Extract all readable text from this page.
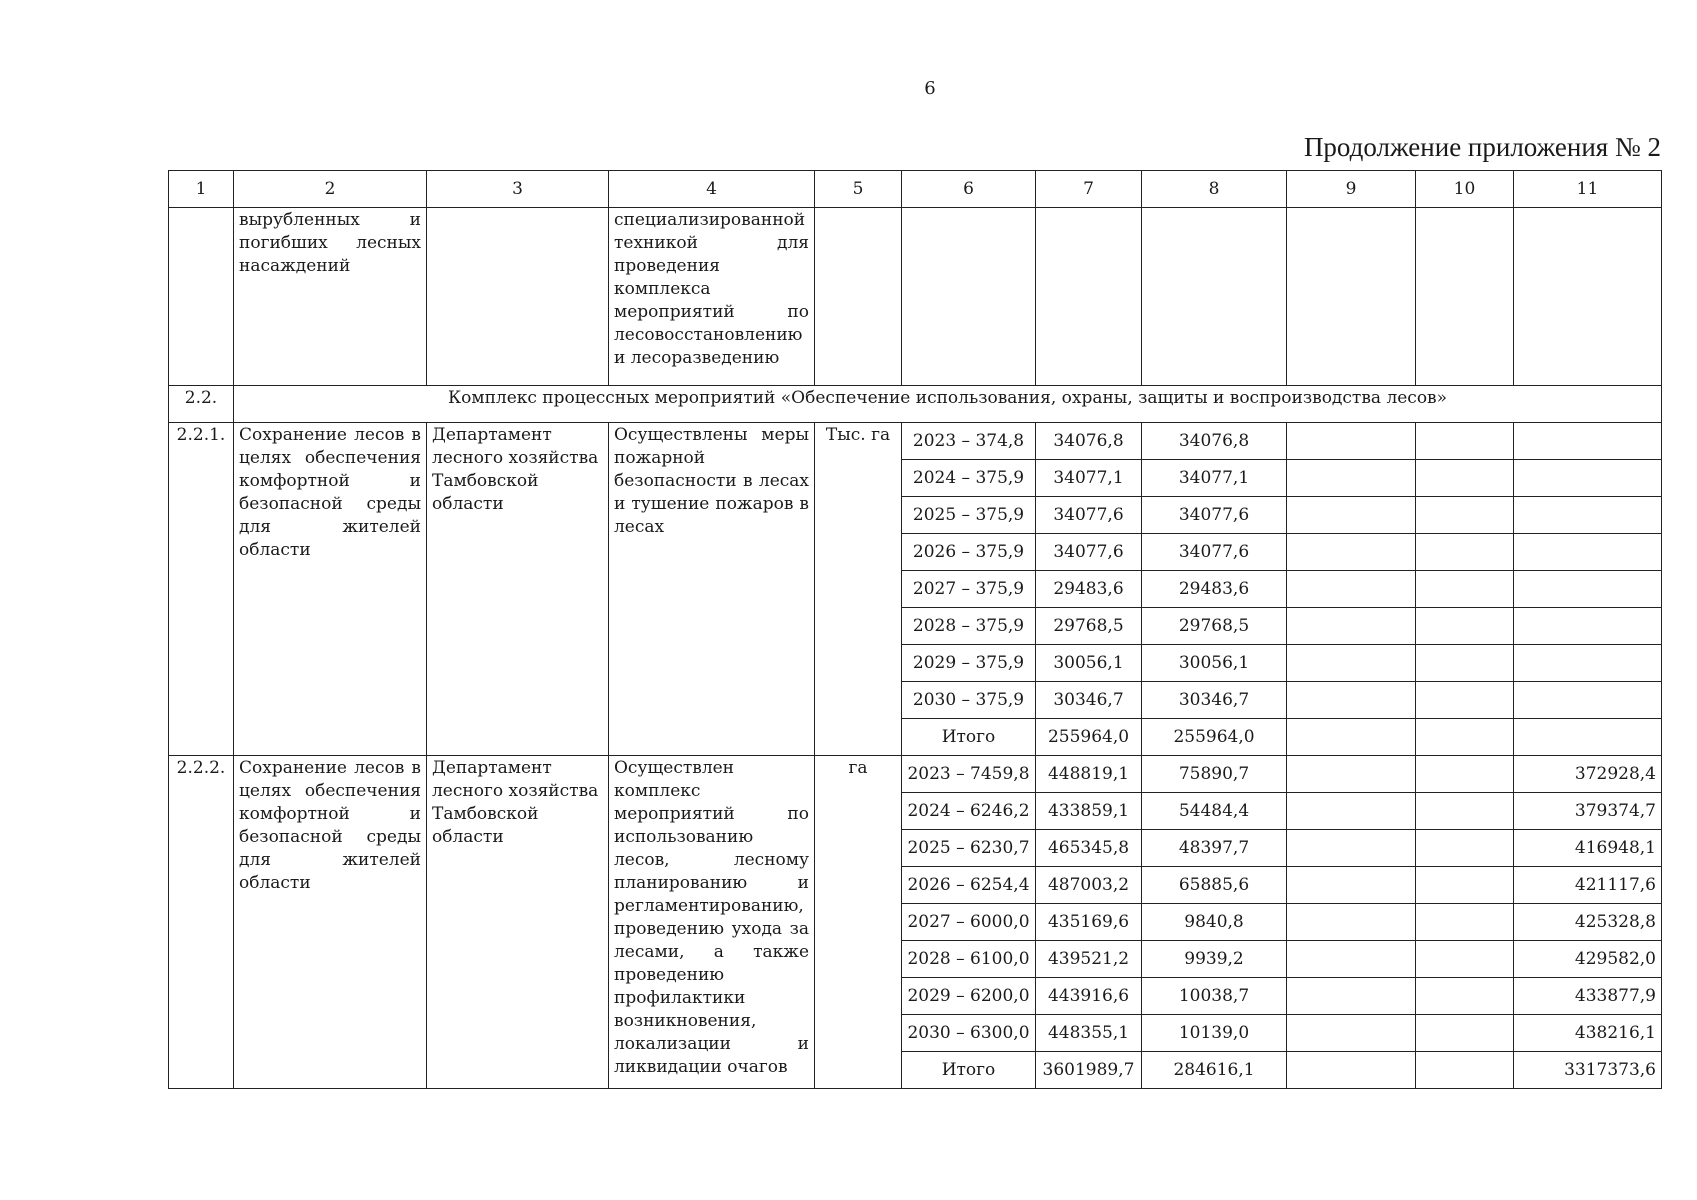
6
Продолжение приложения № 2
1	2	3	4	5	6	7	8	9	10	11
	вырубленных и погибших лесных насаждений		специализированной техникой для проведения комплекса мероприятий по лесовосстановлению и лесоразведению							
2.2.	Комплекс процессных мероприятий «Обеспечение использования, охраны, защиты и воспроизводства лесов»									
2.2.1.	Сохранение лесов в целях обеспечения комфортной и безопасной среды для жителей области	Департамент лесного хозяйства Тамбовской области	Осуществлены меры пожарной безопасности в лесах и тушение пожаров в лесах	Тыс. га	2023 – 374,8	34076,8	34076,8			
					2024 – 375,9	34077,1	34077,1			
					2025 – 375,9	34077,6	34077,6			
					2026 – 375,9	34077,6	34077,6			
					2027 – 375,9	29483,6	29483,6			
					2028 – 375,9	29768,5	29768,5			
					2029 – 375,9	30056,1	30056,1			
					2030 – 375,9	30346,7	30346,7			
					Итого	255964,0	255964,0			
2.2.2.	Сохранение лесов в целях обеспечения комфортной и безопасной среды для жителей области	Департамент лесного хозяйства Тамбовской области	Осуществлен комплекс мероприятий по использованию лесов, лесному планированию и регламентированию, проведению ухода за лесами, а также проведению профилактики возникновения, локализации и ликвидации очагов	га	2023 – 7459,8	448819,1	75890,7			372928,4
					2024 – 6246,2	433859,1	54484,4			379374,7
					2025 – 6230,7	465345,8	48397,7			416948,1
					2026 – 6254,4	487003,2	65885,6			421117,6
					2027 – 6000,0	435169,6	9840,8			425328,8
					2028 – 6100,0	439521,2	9939,2			429582,0
					2029 – 6200,0	443916,6	10038,7			433877,9
					2030 – 6300,0	448355,1	10139,0			438216,1
					Итого	3601989,7	284616,1			3317373,6
